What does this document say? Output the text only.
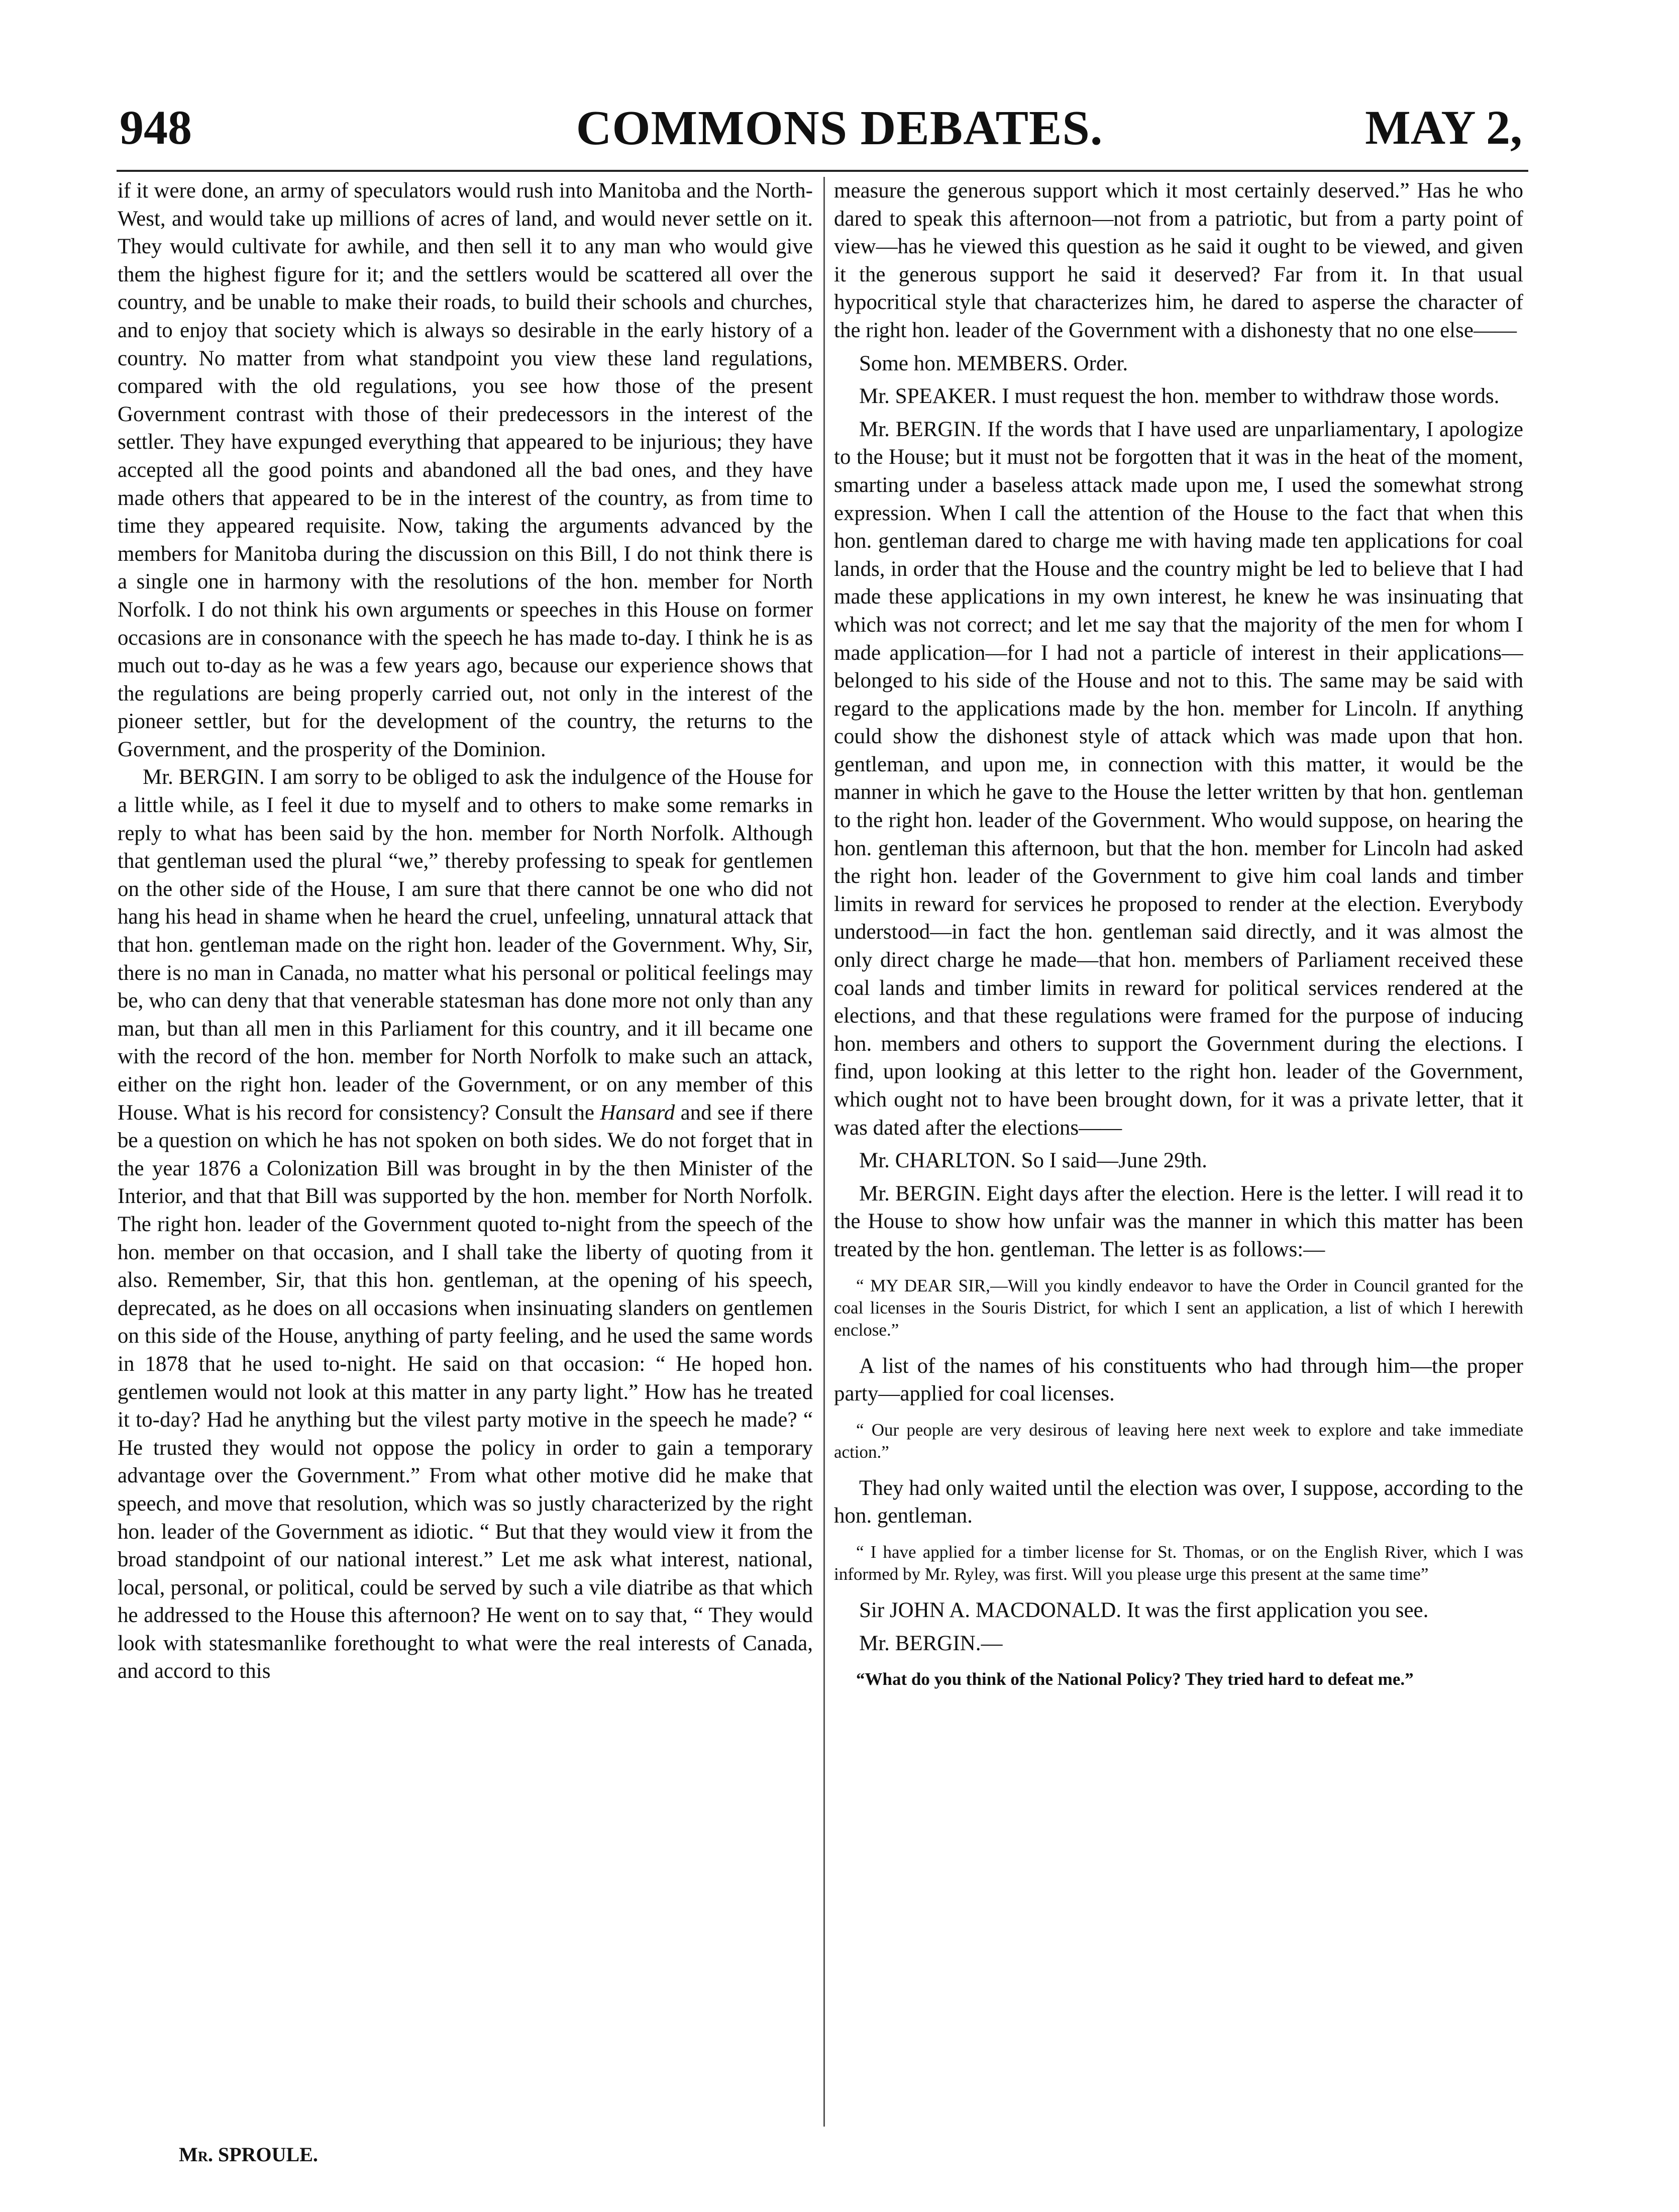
948	COMMONS DEBATES.	MAY 2,

if it were done, an army of speculators would rush into Manitoba and the North-West, and would take up millions of acres of land, and would never settle on it. They would cultivate for awhile, and then sell it to any man who would give them the highest figure for it; and the settlers would be scattered all over the country, and be unable to make their roads, to build their schools and churches, and to enjoy that society which is always so desirable in the early history of a country. No matter from what standpoint you view these land regulations, compared with the old regulations, you see how those of the present Government contrast with those of their predecessors in the interest of the settler. They have expunged everything that appeared to be injurious; they have accepted all the good points and abandoned all the bad ones, and they have made others that appeared to be in the interest of the country, as from time to time they appeared requisite. Now, taking the arguments advanced by the members for Manitoba during the discussion on this Bill, I do not think there is a single one in harmony with the resolutions of the hon. member for North Norfolk. I do not think his own arguments or speeches in this House on former occasions are in consonance with the speech he has made to-day. I think he is as much out to-day as he was a few years ago, because our experience shows that the regulations are being properly carried out, not only in the interest of the pioneer settler, but for the development of the country, the returns to the Government, and the prosperity of the Dominion.

Mr. BERGIN. I am sorry to be obliged to ask the indulgence of the House for a little while, as I feel it due to myself and to others to make some remarks in reply to what has been said by the hon. member for North Norfolk. Although that gentleman used the plural “we,” thereby professing to speak for gentlemen on the other side of the House, I am sure that there cannot be one who did not hang his head in shame when he heard the cruel, unfeeling, unnatural attack that that hon. gentleman made on the right hon. leader of the Government. Why, Sir, there is no man in Canada, no matter what his personal or political feelings may be, who can deny that that venerable statesman has done more not only than any man, but than all men in this Parliament for this country, and it ill became one with the record of the hon. member for North Norfolk to make such an attack, either on the right hon. leader of the Government, or on any member of this House. What is his record for consistency? Consult the Hansard and see if there be a question on which he has not spoken on both sides. We do not forget that in the year 1876 a Colonization Bill was brought in by the then Minister of the Interior, and that that Bill was supported by the hon. member for North Norfolk. The right hon. leader of the Government quoted to-night from the speech of the hon. member on that occasion, and I shall take the liberty of quoting from it also. Remember, Sir, that this hon. gentleman, at the opening of his speech, deprecated, as he does on all occasions when insinuating slanders on gentlemen on this side of the House, anything of party feeling, and he used the same words in 1878 that he used to-night. He said on that occasion: “ He hoped hon. gentlemen would not look at this matter in any party light.” How has he treated it to-day? Had he anything but the vilest party motive in the speech he made? “ He trusted they would not oppose the policy in order to gain a temporary advantage over the Government.” From what other motive did he make that speech, and move that resolution, which was so justly characterized by the right hon. leader of the Government as idiotic. “ But that they would view it from the broad standpoint of our national interest.” Let me ask what interest, national, local, personal, or political, could be served by such a vile diatribe as that which he addressed to the House this afternoon? He went on to say that, “ They would look with statesmanlike forethought to what were the real interests of Canada, and accord to this

measure the generous support which it most certainly deserved.” Has he who dared to speak this afternoon—not from a patriotic, but from a party point of view—has he viewed this question as he said it ought to be viewed, and given it the generous support he said it deserved? Far from it. In that usual hypocritical style that characterizes him, he dared to asperse the character of the right hon. leader of the Government with a dishonesty that no one else——

Some hon. MEMBERS. Order.

Mr. SPEAKER. I must request the hon. member to withdraw those words.

Mr. BERGIN. If the words that I have used are unparliamentary, I apologize to the House; but it must not be forgotten that it was in the heat of the moment, smarting under a baseless attack made upon me, I used the somewhat strong expression. When I call the attention of the House to the fact that when this hon. gentleman dared to charge me with having made ten applications for coal lands, in order that the House and the country might be led to believe that I had made these applications in my own interest, he knew he was insinuating that which was not correct; and let me say that the majority of the men for whom I made application—for I had not a particle of interest in their applications—belonged to his side of the House and not to this. The same may be said with regard to the applications made by the hon. member for Lincoln. If anything could show the dishonest style of attack which was made upon that hon. gentleman, and upon me, in connection with this matter, it would be the manner in which he gave to the House the letter written by that hon. gentleman to the right hon. leader of the Government. Who would suppose, on hearing the hon. gentleman this afternoon, but that the hon. member for Lincoln had asked the right hon. leader of the Government to give him coal lands and timber limits in reward for services he proposed to render at the election. Everybody understood—in fact the hon. gentleman said directly, and it was almost the only direct charge he made—that hon. members of Parliament received these coal lands and timber limits in reward for political services rendered at the elections, and that these regulations were framed for the purpose of inducing hon. members and others to support the Government during the elections. I find, upon looking at this letter to the right hon. leader of the Government, which ought not to have been brought down, for it was a private letter, that it was dated after the elections——

Mr. CHARLTON. So I said—June 29th.

Mr. BERGIN. Eight days after the election. Here is the letter. I will read it to the House to show how unfair was the manner in which this matter has been treated by the hon. gentleman. The letter is as follows:—

“ MY DEAR SIR,—Will you kindly endeavor to have the Order in Council granted for the coal licenses in the Souris District, for which I sent an application, a list of which I herewith enclose.”

A list of the names of his constituents who had through him—the proper party—applied for coal licenses.

“ Our people are very desirous of leaving here next week to explore and take immediate action.”

They had only waited until the election was over, I suppose, according to the hon. gentleman.

“ I have applied for a timber license for St. Thomas, or on the English River, which I was informed by Mr. Ryley, was first. Will you please urge this present at the same time”

Sir JOHN A. MACDONALD. It was the first application you see.

Mr. BERGIN.—

“What do you think of the National Policy? They tried hard to defeat me.”

Mr. SPROULE.
